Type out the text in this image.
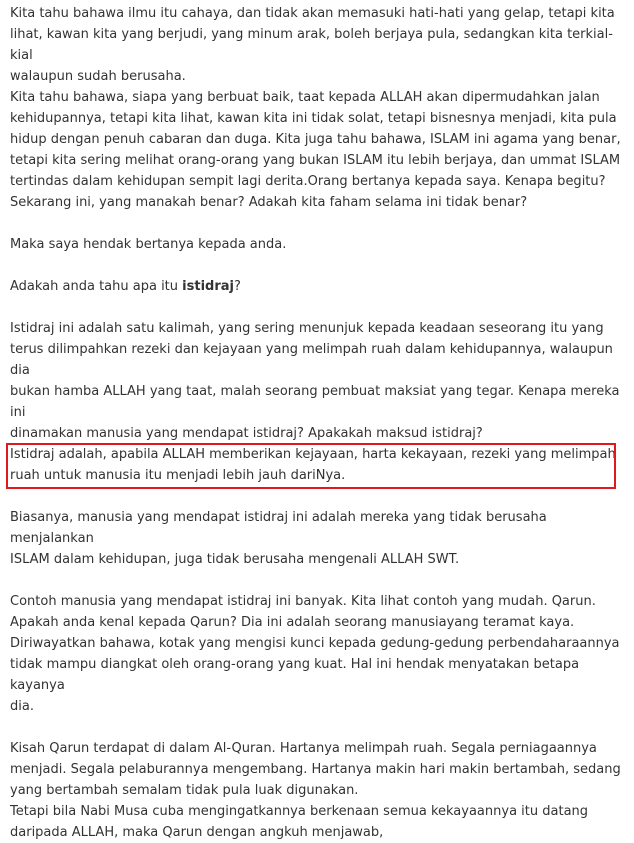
Kita tahu bahawa ilmu itu cahaya, dan tidak akan memasuki hati-hati yang gelap, tetapi kita
lihat, kawan kita yang berjudi, yang minum arak, boleh berjaya pula, sedangkan kita terkial-kial
walaupun sudah berusaha.

Kita tahu bahawa, siapa yang berbuat baik, taat kepada ALLAH akan dipermudahkan jalan
kehidupannya, tetapi kita lihat, kawan kita ini tidak solat, tetapi bisnesnya menjadi, kita pula
hidup dengan penuh cabaran dan duga. Kita juga tahu bahawa, ISLAM ini agama yang benar,
tetapi kita sering melihat orang-orang yang bukan ISLAM itu lebih berjaya, dan ummat ISLAM
tertindas dalam kehidupan sempit lagi derita.Orang bertanya kepada saya. Kenapa begitu?
Sekarang ini, yang manakah benar? Adakah kita faham selama ini tidak benar?

Maka saya hendak bertanya kepada anda.

Adakah anda tahu apa itu istidraj?

Istidraj ini adalah satu kalimah, yang sering menunjuk kepada keadaan seseorang itu yang
terus dilimpahkan rezeki dan kejayaan yang melimpah ruah dalam kehidupannya, walaupun dia
bukan hamba ALLAH yang taat, malah seorang pembuat maksiat yang tegar. Kenapa mereka ini
dinamakan manusia yang mendapat istidraj? Apakakah maksud istidraj?

Istidraj adalah, apabila ALLAH memberikan kejayaan, harta kekayaan, rezeki yang melimpah
ruah untuk manusia itu menjadi lebih jauh dariNya.

Biasanya, manusia yang mendapat istidraj ini adalah mereka yang tidak berusaha menjalankan
ISLAM dalam kehidupan, juga tidak berusaha mengenali ALLAH SWT.

Contoh manusia yang mendapat istidraj ini banyak. Kita lihat contoh yang mudah. Qarun.
Apakah anda kenal kepada Qarun? Dia ini adalah seorang manusiayang teramat kaya.
Diriwayatkan bahawa, kotak yang mengisi kunci kepada gedung-gedung perbendaharaannya
tidak mampu diangkat oleh orang-orang yang kuat. Hal ini hendak menyatakan betapa kayanya
dia.

Kisah Qarun terdapat di dalam Al-Quran. Hartanya melimpah ruah. Segala perniagaannya
menjadi. Segala pelaburannya mengembang. Hartanya makin hari makin bertambah, sedang
yang bertambah semalam tidak pula luak digunakan.

Tetapi bila Nabi Musa cuba mengingatkannya berkenaan semua kekayaannya itu datang
daripada ALLAH, maka Qarun dengan angkuh menjawab,
